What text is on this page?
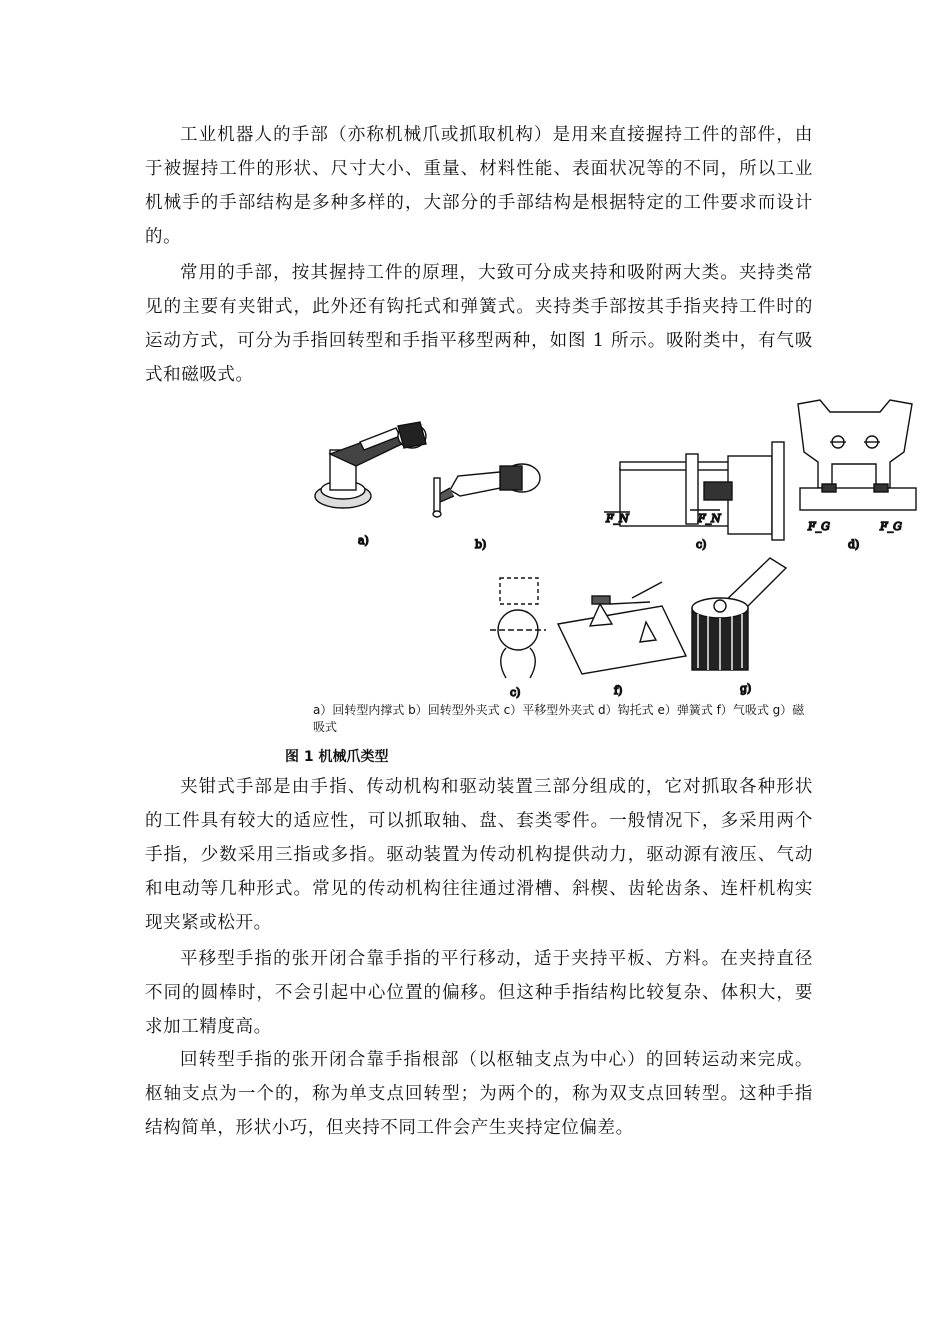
工业机器人的手部（亦称机械爪或抓取机构）是用来直接握持工件的部件，由于被握持工件的形状、尺寸大小、重量、材料性能、表面状况等的不同，所以工业机械手的手部结构是多种多样的，大部分的手部结构是根据特定的工件要求而设计的。

常用的手部，按其握持工件的原理，大致可分成夹持和吸附两大类。夹持类常见的主要有夹钳式，此外还有钩托式和弹簧式。夹持类手部按其手指夹持工件时的运动方式，可分为手指回转型和手指平移型两种，如图 1 所示。吸附类中，有气吸式和磁吸式。

a)	b)
F_N	F_N
c)
F_G	F_G
d)
c)	f)	g)

a）回转型内撑式 b）回转型外夹式 c）平移型外夹式 d）钩托式 e）弹簧式 f）气吸式 g）磁吸式

图 1 机械爪类型

夹钳式手部是由手指、传动机构和驱动装置三部分组成的，它对抓取各种形状的工件具有较大的适应性，可以抓取轴、盘、套类零件。一般情况下，多采用两个手指，少数采用三指或多指。驱动装置为传动机构提供动力，驱动源有液压、气动和电动等几种形式。常见的传动机构往往通过滑槽、斜楔、齿轮齿条、连杆机构实现夹紧或松开。

平移型手指的张开闭合靠手指的平行移动，适于夹持平板、方料。在夹持直径不同的圆棒时，不会引起中心位置的偏移。但这种手指结构比较复杂、体积大，要求加工精度高。

回转型手指的张开闭合靠手指根部（以枢轴支点为中心）的回转运动来完成。枢轴支点为一个的，称为单支点回转型；为两个的，称为双支点回转型。这种手指结构简单，形状小巧，但夹持不同工件会产生夹持定位偏差。
